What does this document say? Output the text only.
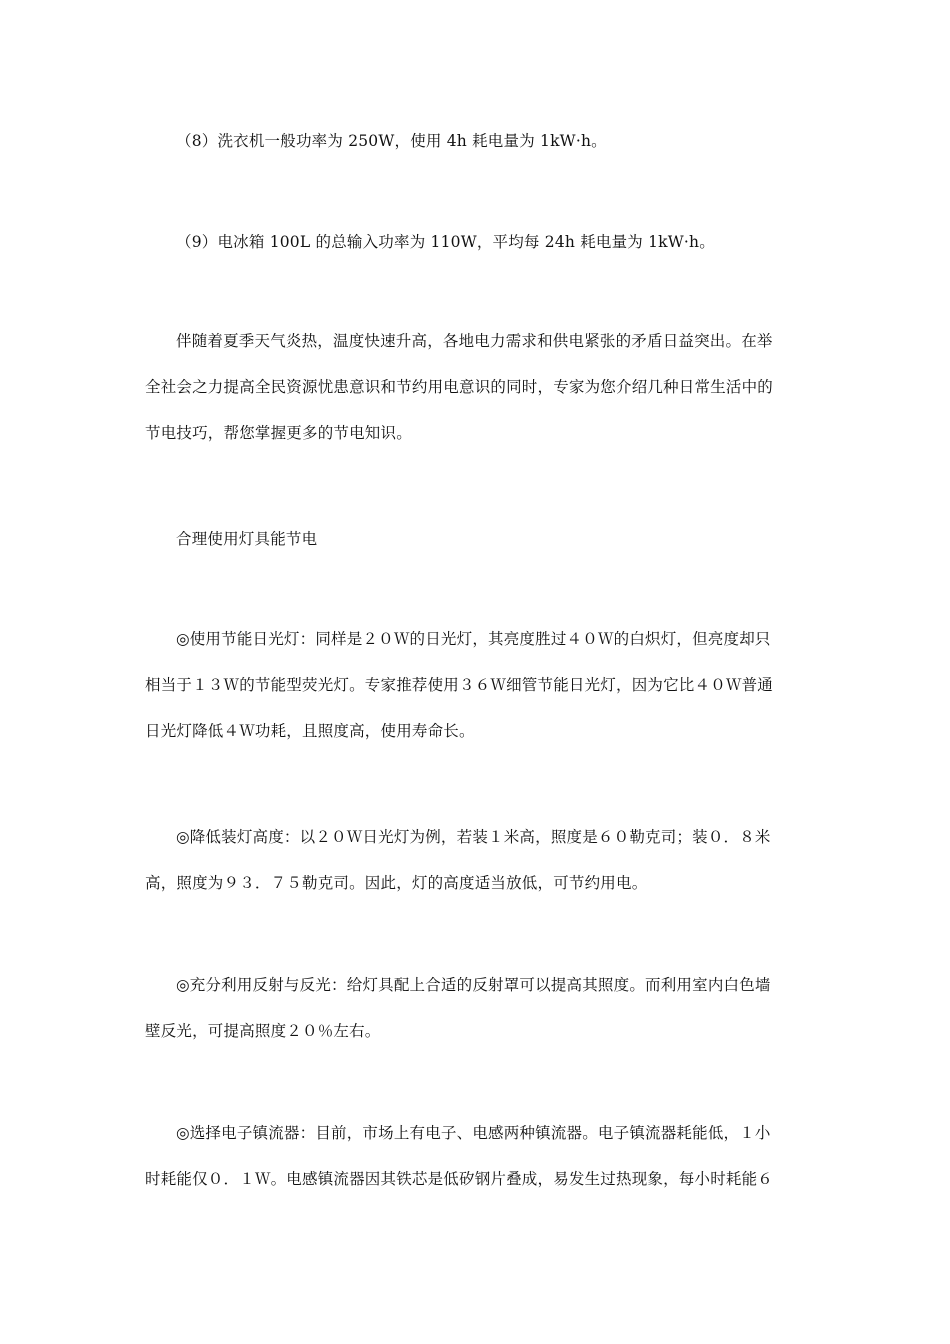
（8）洗衣机一般功率为 250W，使用 4h 耗电量为 1kW·h。

（9）电冰箱 100L 的总输入功率为 110W，平均每 24h 耗电量为 1kW·h。

伴随着夏季天气炎热，温度快速升高，各地电力需求和供电紧张的矛盾日益突出。在举
全社会之力提高全民资源忧患意识和节约用电意识的同时，专家为您介绍几种日常生活中的
节电技巧，帮您掌握更多的节电知识。

合理使用灯具能节电

◎使用节能日光灯：同样是２０Ｗ的日光灯，其亮度胜过４０Ｗ的白炽灯，但亮度却只
相当于１３Ｗ的节能型荧光灯。专家推荐使用３６Ｗ细管节能日光灯，因为它比４０Ｗ普通
日光灯降低４Ｗ功耗，且照度高，使用寿命长。

◎降低装灯高度：以２０Ｗ日光灯为例，若装１米高，照度是６０勒克司；装０．８米
高，照度为９３．７５勒克司。因此，灯的高度适当放低，可节约用电。

◎充分利用反射与反光：给灯具配上合适的反射罩可以提高其照度。而利用室内白色墙
壁反光，可提高照度２０％左右。

◎选择电子镇流器：目前，市场上有电子、电感两种镇流器。电子镇流器耗能低，１小
时耗能仅０．１Ｗ。电感镇流器因其铁芯是低矽钢片叠成，易发生过热现象，每小时耗能６
